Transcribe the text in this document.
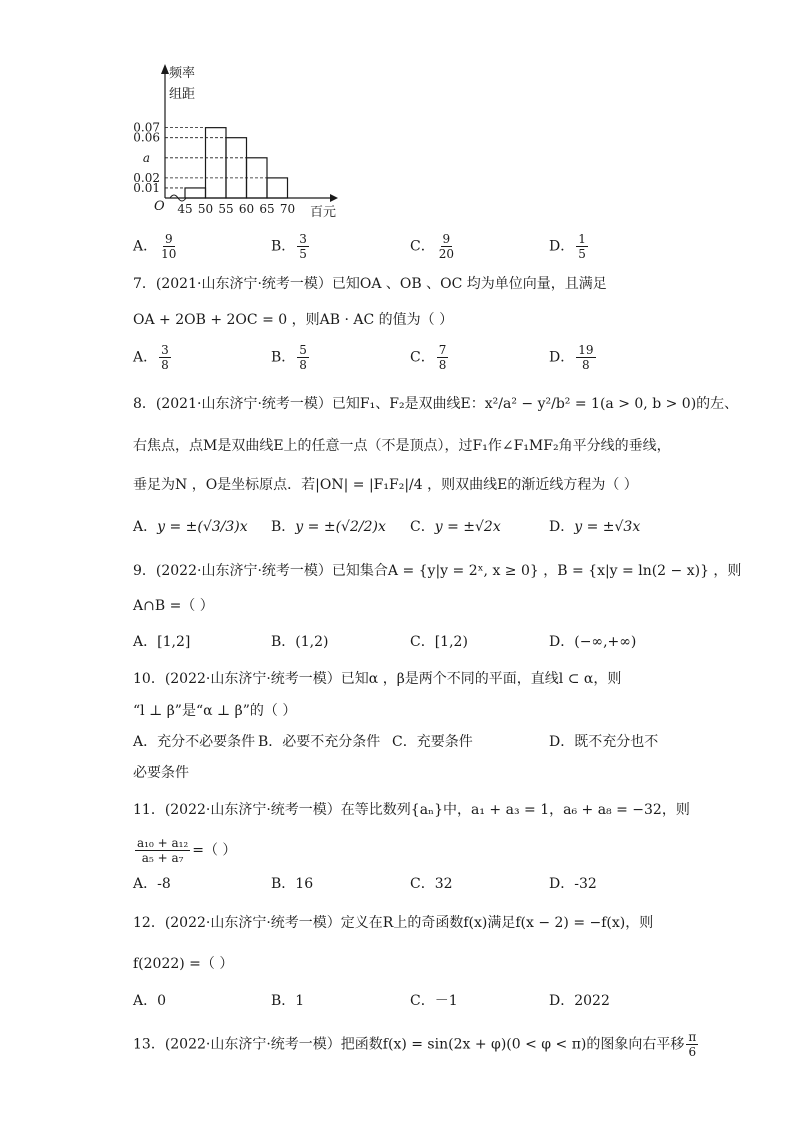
0.07
0.06
a
0.02
0.01
45 50 55 60 65 70
O	百元
频率
组距
A． $\frac{9}{10}$	B． $\frac{3}{5}$	C． $\frac{9}{20}$	D． $\frac{1}{5}$
7．(2021·山东济宁·统考一模）已知OA 、OB 、OC 均为单位向量，且满足
OA + 2OB + 2OC = 0 ，则AB · AC 的值为（ ）
A． $\frac{3}{8}$	B． $\frac{5}{8}$	C． $\frac{7}{8}$	D． $\frac{19}{8}$
8．(2021·山东济宁·统考一模）已知F₁、F₂是双曲线E：x²/a² − y²/b² = 1(a > 0, b > 0)的左、
右焦点，点M是双曲线E上的任意一点（不是顶点），过F₁作∠F₁MF₂角平分线的垂线，
垂足为N ，O是坐标原点．若|ON| = |F₁F₂|/4 ，则双曲线E的渐近线方程为（ ）
A．y = ±(√3/3)x B．y = ±(√2/2)x C．y = ±√2x	D．y = ±√3x
9．(2022·山东济宁·统考一模）已知集合A = {y|y = 2ˣ, x ≥ 0} ，B = {x|y = ln(2 − x)} ，则
A∩B =（ ）
A．[1,2]	B．(1,2)	C．[1,2)	D．(−∞,+∞)
10．(2022·山东济宁·统考一模）已知α ，β是两个不同的平面，直线l ⊂ α，则
“l ⊥ β”是“α ⊥ β”的（ ）
A．充分不必要条件 B．必要不充分条件 C．充要条件	D．既不充分也不
必要条件
11．(2022·山东济宁·统考一模）在等比数列{aₙ}中，a₁ + a₃ = 1，a₆ + a₈ = −32，则
$\frac{\text{a₁₀ + a₁₂}}{\text{a₅ + a₇}}$ =（ ）
A．-8	B．16	C．32	D．-32
12．(2022·山东济宁·统考一模）定义在R上的奇函数f(x)满足f(x − 2) = −f(x)，则
f(2022) =（ ）
A．0	B．1	C．－1	D．2022
13．(2022·山东济宁·统考一模）把函数f(x) = sin(2x + φ)(0 < φ < π)的图象向右平移 $\frac{\pi}{6}$
